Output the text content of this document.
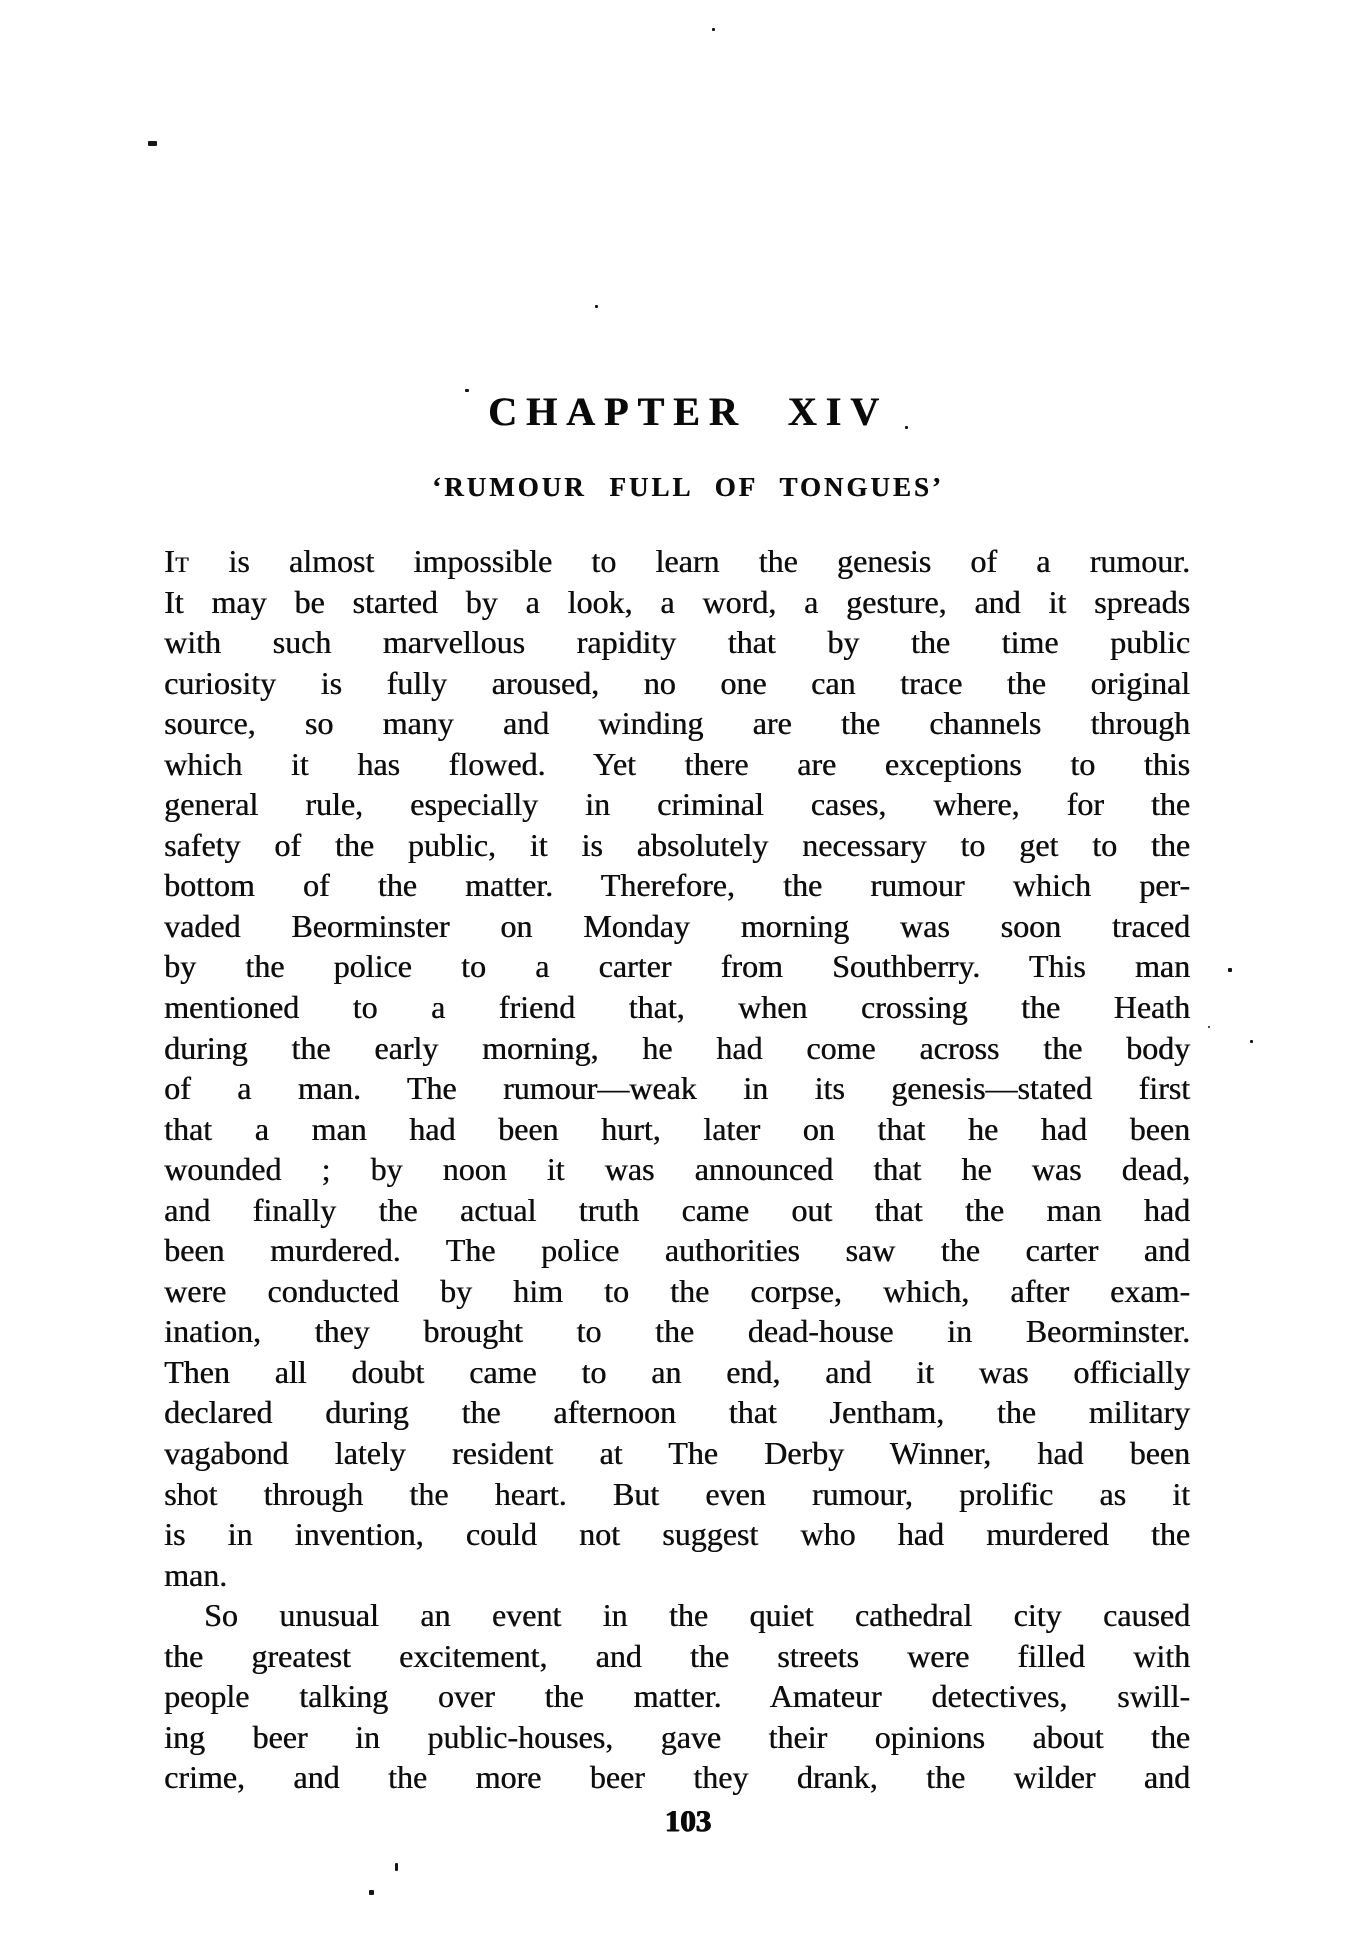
CHAPTER XIV
‘RUMOUR FULL OF TONGUES’
It is almost impossible to learn the genesis of a rumour.
It may be started by a look, a word, a gesture, and it spreads
with such marvellous rapidity that by the time public
curiosity is fully aroused, no one can trace the original
source, so many and winding are the channels through
which it has flowed. Yet there are exceptions to this
general rule, especially in criminal cases, where, for the
safety of the public, it is absolutely necessary to get to the
bottom of the matter. Therefore, the rumour which per-
vaded Beorminster on Monday morning was soon traced
by the police to a carter from Southberry. This man
mentioned to a friend that, when crossing the Heath
during the early morning, he had come across the body
of a man. The rumour—weak in its genesis—stated first
that a man had been hurt, later on that he had been
wounded ; by noon it was announced that he was dead,
and finally the actual truth came out that the man had
been murdered. The police authorities saw the carter and
were conducted by him to the corpse, which, after exam-
ination, they brought to the dead-house in Beorminster.
Then all doubt came to an end, and it was officially
declared during the afternoon that Jentham, the military
vagabond lately resident at The Derby Winner, had been
shot through the heart. But even rumour, prolific as it
is in invention, could not suggest who had murdered the
man.
So unusual an event in the quiet cathedral city caused
the greatest excitement, and the streets were filled with
people talking over the matter. Amateur detectives, swill-
ing beer in public-houses, gave their opinions about the
crime, and the more beer they drank, the wilder and
103
